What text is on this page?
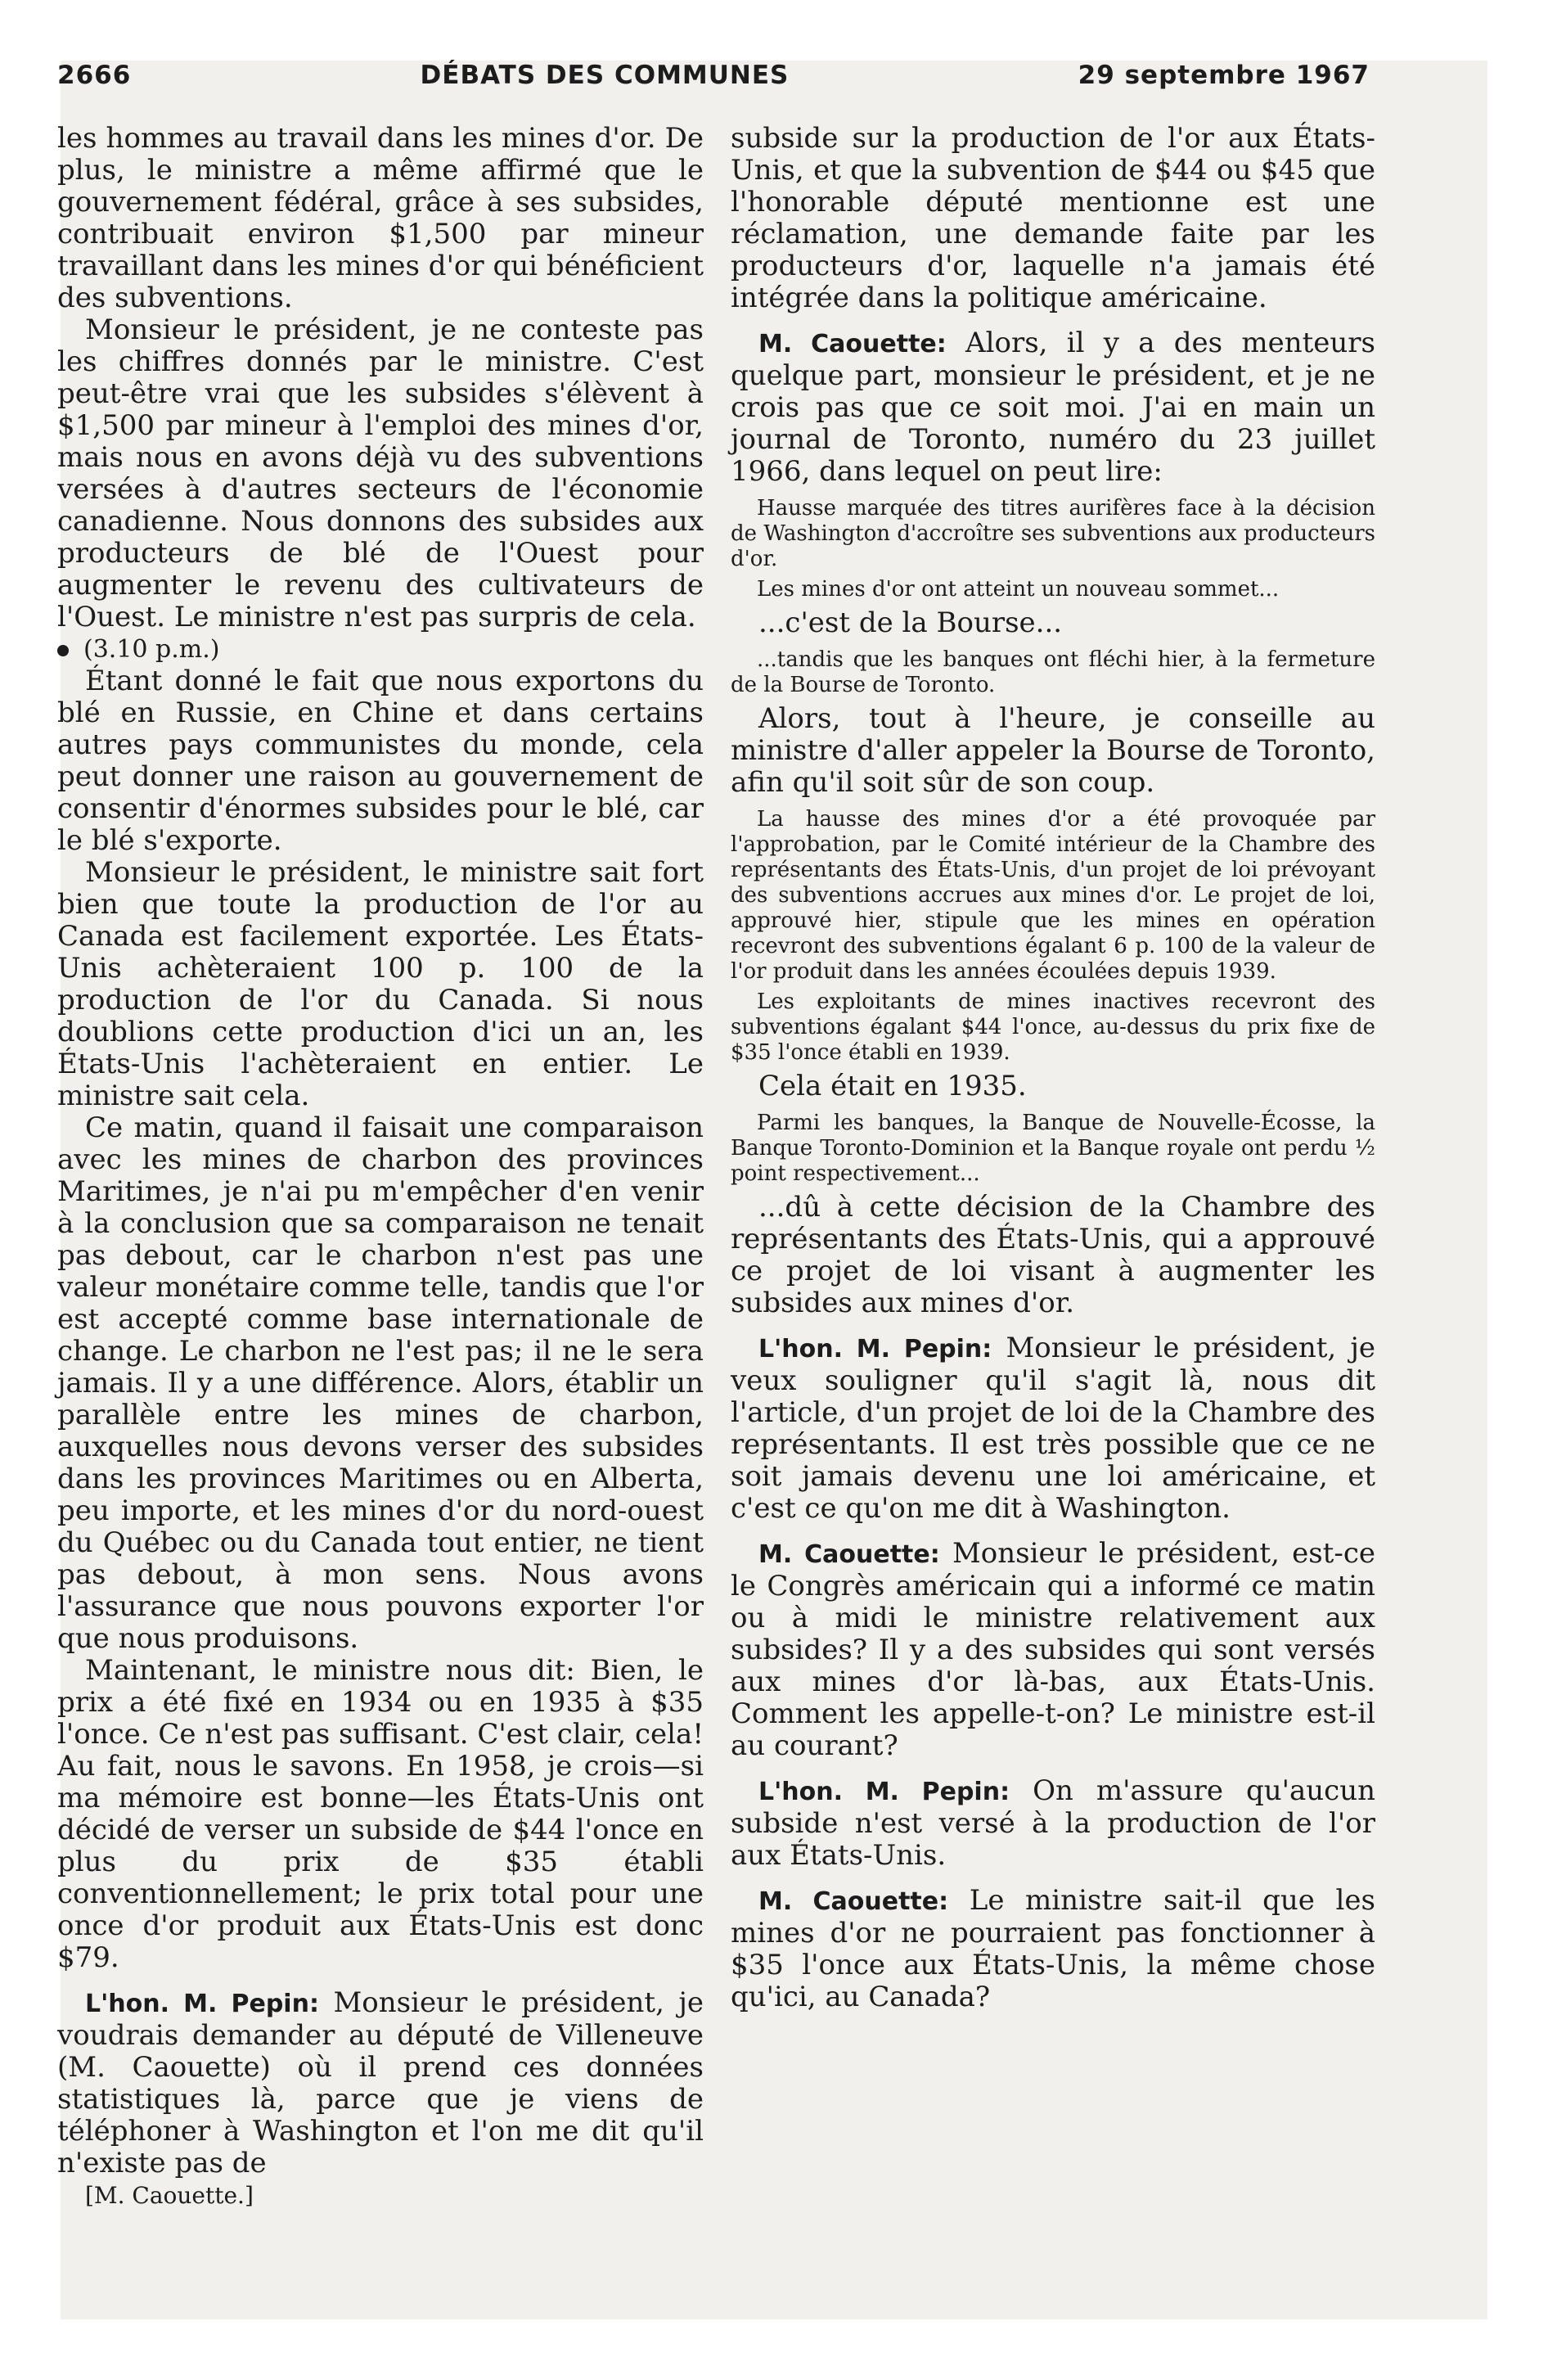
2666	DÉBATS DES COMMUNES	29 septembre 1967

les hommes au travail dans les mines d'or. De plus, le ministre a même affirmé que le gouvernement fédéral, grâce à ses subsides, contribuait environ $1,500 par mineur travaillant dans les mines d'or qui bénéficient des subventions.

Monsieur le président, je ne conteste pas les chiffres donnés par le ministre. C'est peut-être vrai que les subsides s'élèvent à $1,500 par mineur à l'emploi des mines d'or, mais nous en avons déjà vu des subventions versées à d'autres secteurs de l'économie canadienne. Nous donnons des subsides aux producteurs de blé de l'Ouest pour augmenter le revenu des cultivateurs de l'Ouest. Le ministre n'est pas surpris de cela.

(3.10 p.m.)

Étant donné le fait que nous exportons du blé en Russie, en Chine et dans certains autres pays communistes du monde, cela peut donner une raison au gouvernement de consentir d'énormes subsides pour le blé, car le blé s'exporte.

Monsieur le président, le ministre sait fort bien que toute la production de l'or au Canada est facilement exportée. Les États-Unis achèteraient 100 p. 100 de la production de l'or du Canada. Si nous doublions cette production d'ici un an, les États-Unis l'achèteraient en entier. Le ministre sait cela.

Ce matin, quand il faisait une comparaison avec les mines de charbon des provinces Maritimes, je n'ai pu m'empêcher d'en venir à la conclusion que sa comparaison ne tenait pas debout, car le charbon n'est pas une valeur monétaire comme telle, tandis que l'or est accepté comme base internationale de change. Le charbon ne l'est pas; il ne le sera jamais. Il y a une différence. Alors, établir un parallèle entre les mines de charbon, auxquelles nous devons verser des subsides dans les provinces Maritimes ou en Alberta, peu importe, et les mines d'or du nord-ouest du Québec ou du Canada tout entier, ne tient pas debout, à mon sens. Nous avons l'assurance que nous pouvons exporter l'or que nous produisons.

Maintenant, le ministre nous dit: Bien, le prix a été fixé en 1934 ou en 1935 à $35 l'once. Ce n'est pas suffisant. C'est clair, cela! Au fait, nous le savons. En 1958, je crois—si ma mémoire est bonne—les États-Unis ont décidé de verser un subside de $44 l'once en plus du prix de $35 établi conventionnellement; le prix total pour une once d'or produit aux États-Unis est donc $79.

L'hon. M. Pepin: Monsieur le président, je voudrais demander au député de Villeneuve (M. Caouette) où il prend ces données statistiques là, parce que je viens de téléphoner à Washington et l'on me dit qu'il n'existe pas de

[M. Caouette.]

subside sur la production de l'or aux États-Unis, et que la subvention de $44 ou $45 que l'honorable député mentionne est une réclamation, une demande faite par les producteurs d'or, laquelle n'a jamais été intégrée dans la politique américaine.

M. Caouette: Alors, il y a des menteurs quelque part, monsieur le président, et je ne crois pas que ce soit moi. J'ai en main un journal de Toronto, numéro du 23 juillet 1966, dans lequel on peut lire:

Hausse marquée des titres aurifères face à la décision de Washington d'accroître ses subventions aux producteurs d'or.

Les mines d'or ont atteint un nouveau sommet...

...c'est de la Bourse...

...tandis que les banques ont fléchi hier, à la fermeture de la Bourse de Toronto.

Alors, tout à l'heure, je conseille au ministre d'aller appeler la Bourse de Toronto, afin qu'il soit sûr de son coup.

La hausse des mines d'or a été provoquée par l'approbation, par le Comité intérieur de la Chambre des représentants des États-Unis, d'un projet de loi prévoyant des subventions accrues aux mines d'or. Le projet de loi, approuvé hier, stipule que les mines en opération recevront des subventions égalant 6 p. 100 de la valeur de l'or produit dans les années écoulées depuis 1939.

Les exploitants de mines inactives recevront des subventions égalant $44 l'once, au-dessus du prix fixe de $35 l'once établi en 1939.

Cela était en 1935.

Parmi les banques, la Banque de Nouvelle-Écosse, la Banque Toronto-Dominion et la Banque royale ont perdu ½ point respectivement...

...dû à cette décision de la Chambre des représentants des États-Unis, qui a approuvé ce projet de loi visant à augmenter les subsides aux mines d'or.

L'hon. M. Pepin: Monsieur le président, je veux souligner qu'il s'agit là, nous dit l'article, d'un projet de loi de la Chambre des représentants. Il est très possible que ce ne soit jamais devenu une loi américaine, et c'est ce qu'on me dit à Washington.

M. Caouette: Monsieur le président, est-ce le Congrès américain qui a informé ce matin ou à midi le ministre relativement aux subsides? Il y a des subsides qui sont versés aux mines d'or là-bas, aux États-Unis. Comment les appelle-t-on? Le ministre est-il au courant?

L'hon. M. Pepin: On m'assure qu'aucun subside n'est versé à la production de l'or aux États-Unis.

M. Caouette: Le ministre sait-il que les mines d'or ne pourraient pas fonctionner à $35 l'once aux États-Unis, la même chose qu'ici, au Canada?
